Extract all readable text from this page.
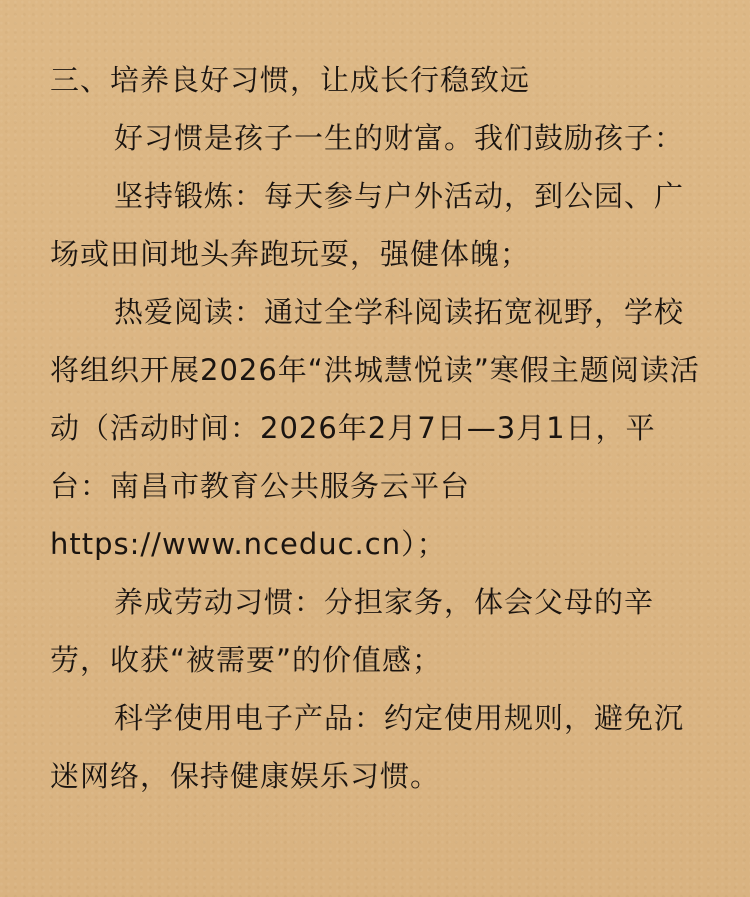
三、培养良好习惯，让成长行稳致远

好习惯是孩子一生的财富。我们鼓励孩子：

坚持锻炼：每天参与户外活动，到公园、广场或田间地头奔跑玩耍，强健体魄；

热爱阅读：通过全学科阅读拓宽视野，学校将组织开展2026年“洪城慧悦读”寒假主题阅读活动（活动时间：2026年2月7日—3月1日，平台：南昌市教育公共服务云平台https://www.nceduc.cn）；

养成劳动习惯：分担家务，体会父母的辛劳，收获“被需要”的价值感；

科学使用电子产品：约定使用规则，避免沉迷网络，保持健康娱乐习惯。
